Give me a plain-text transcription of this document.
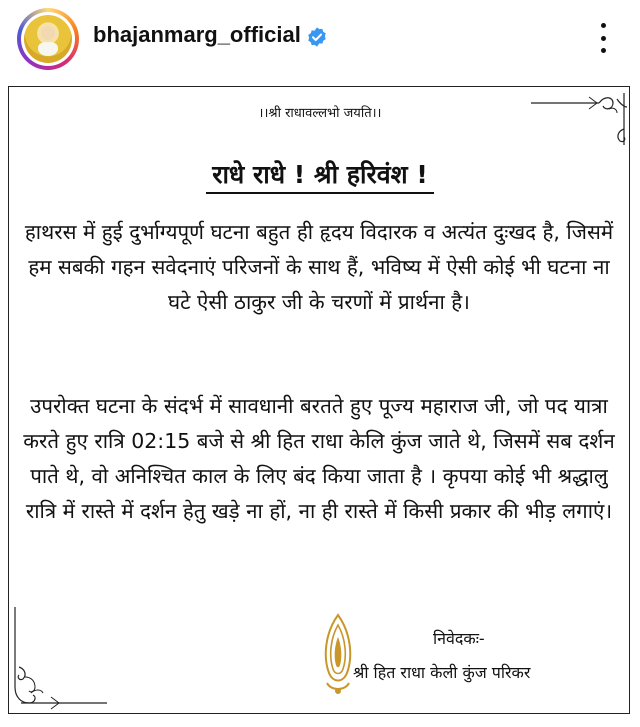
bhajanmarg_official
।।श्री राधावल्लभो जयति।।
राधे राधे ! श्री हरिवंश !
हाथरस में हुई दुर्भाग्यपूर्ण घटना बहुत ही हृदय विदारक व अत्यंत दुःखद है, जिसमें हम सबकी गहन सवेदनाएं परिजनों के साथ हैं, भविष्य में ऐसी कोई भी घटना ना घटे ऐसी ठाकुर जी के चरणों में प्रार्थना है।
उपरोक्त घटना के संदर्भ में सावधानी बरतते हुए पूज्य महाराज जी, जो पद यात्रा करते हुए रात्रि 02:15 बजे से श्री हित राधा केलि कुंज जाते थे, जिसमें सब दर्शन पाते थे, वो अनिश्चित काल के लिए बंद किया जाता है । कृपया कोई भी श्रद्धालु रात्रि में रास्ते में दर्शन हेतु खड़े ना हों, ना ही रास्ते में किसी प्रकार की भीड़ लगाएं।
निवेदकः-
श्री हित राधा केली कुंज परिकर
